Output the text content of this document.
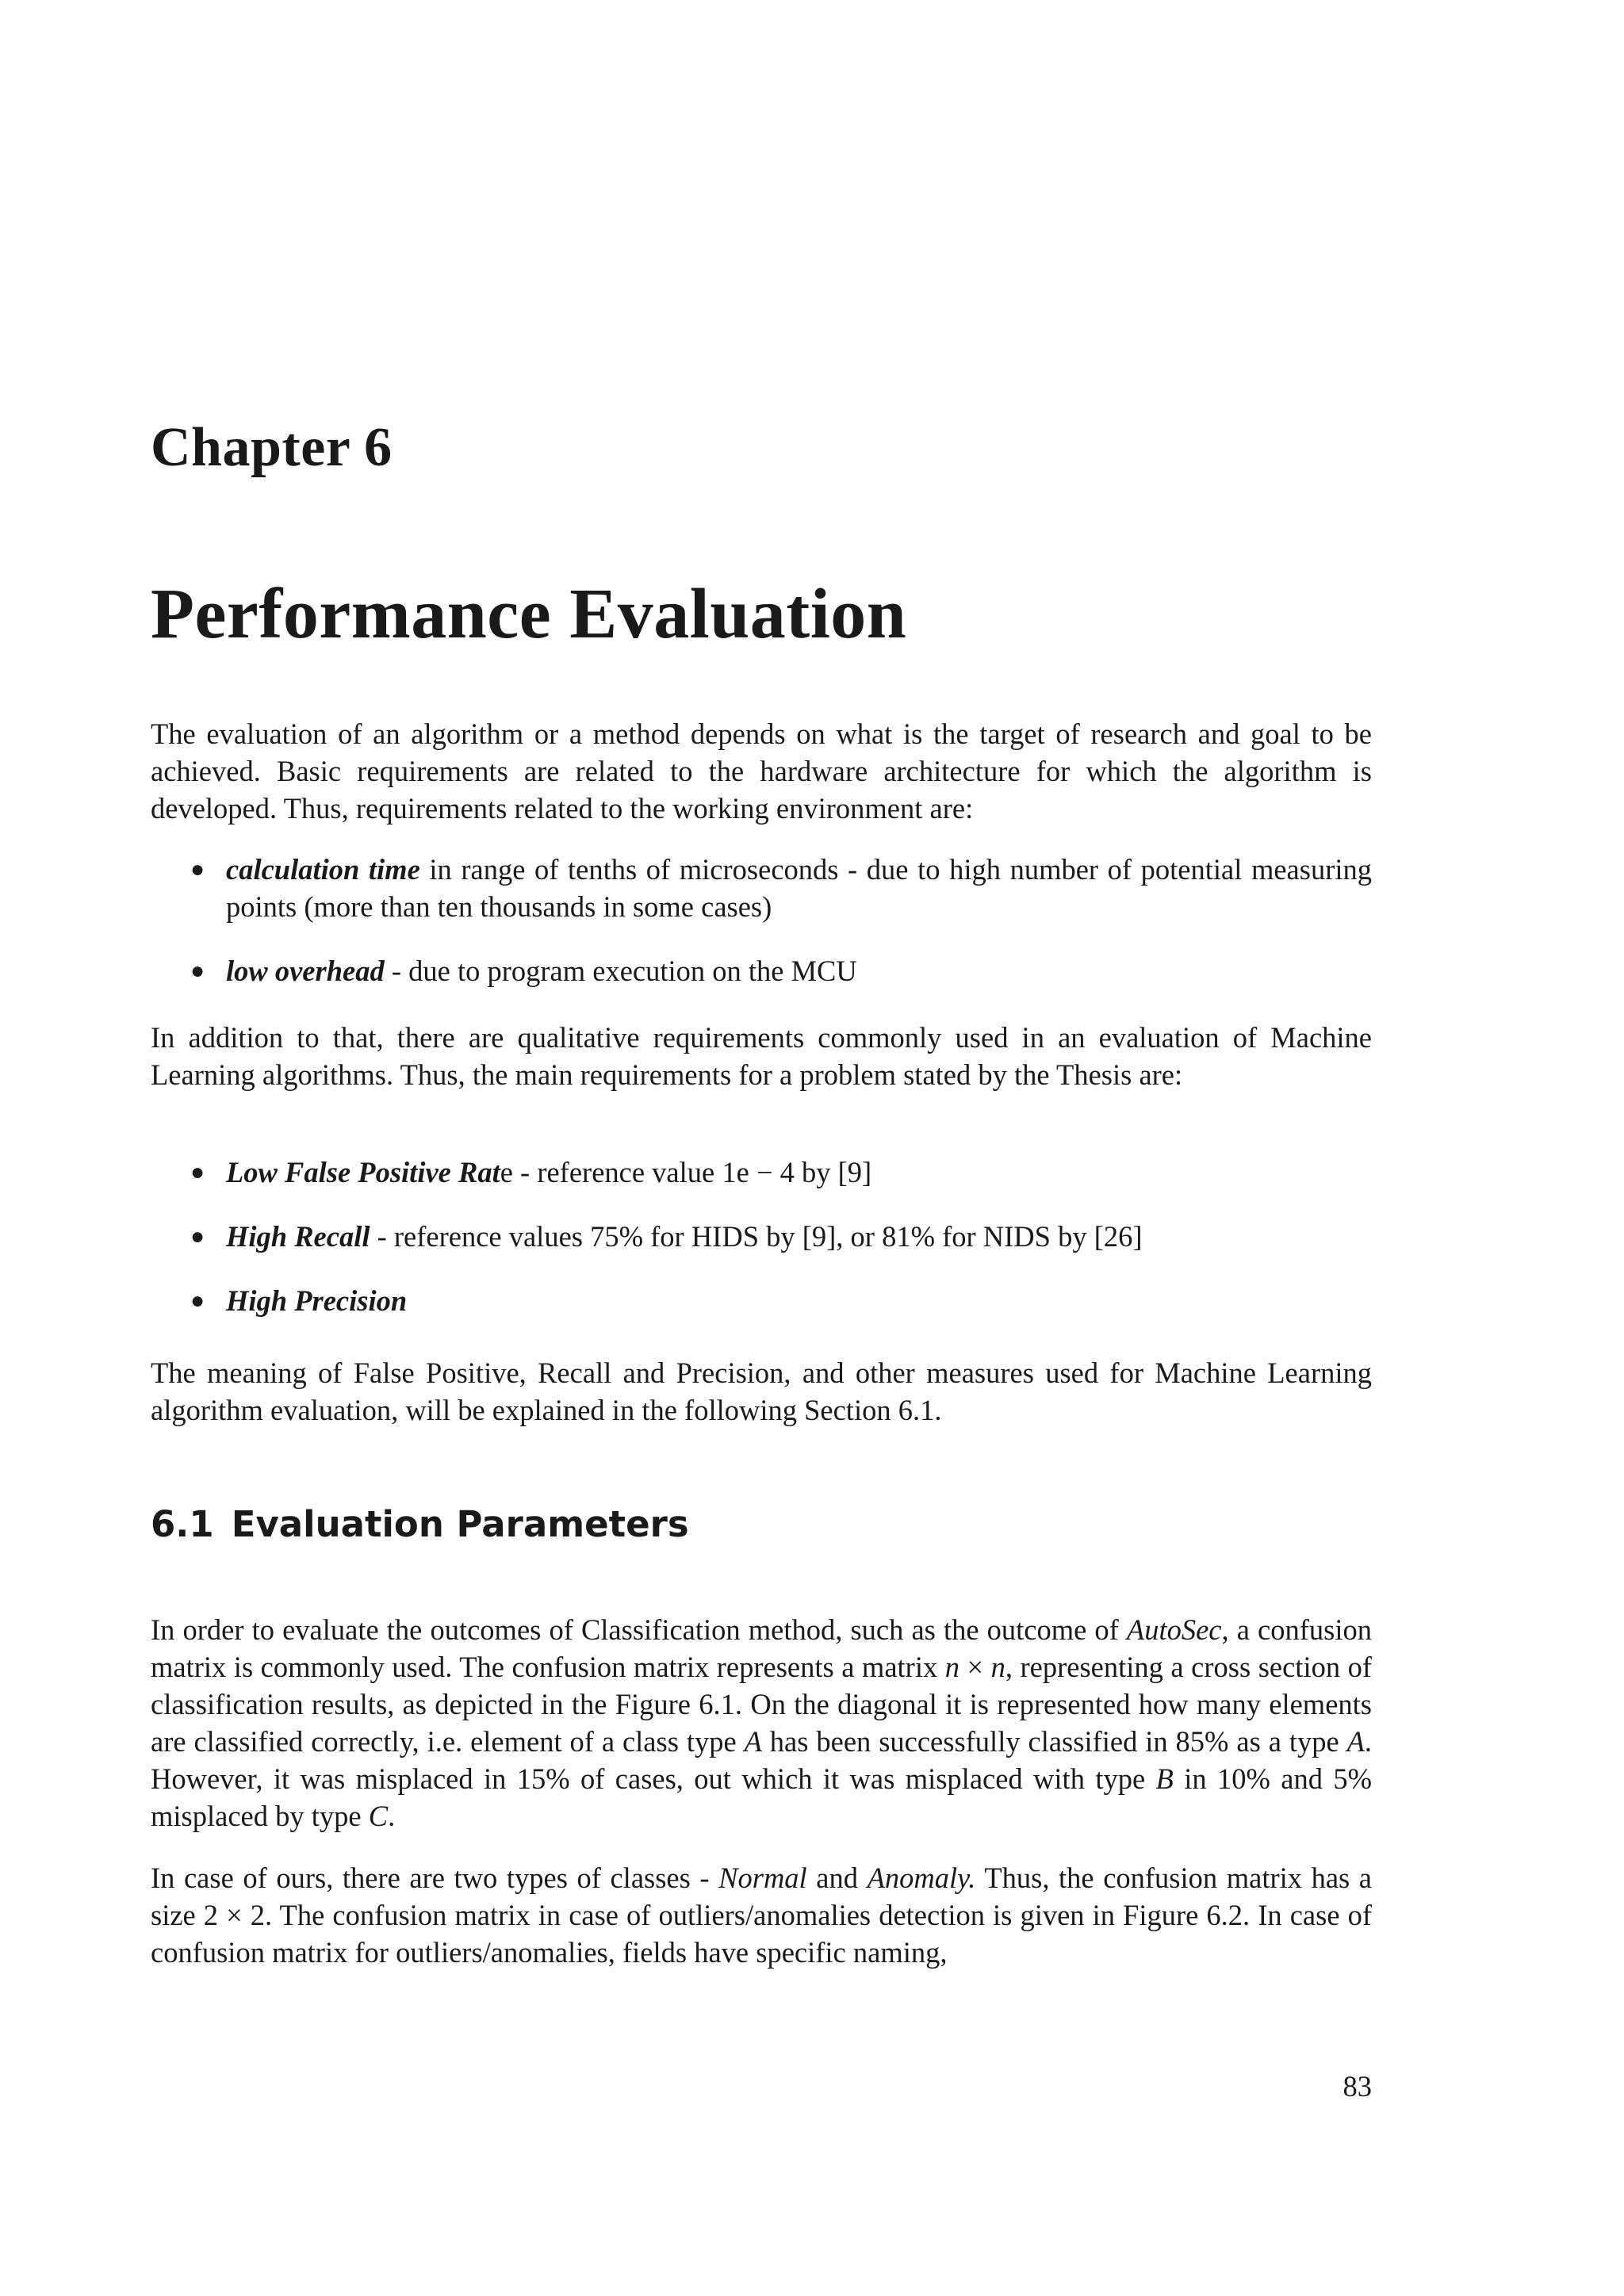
Chapter 6
Performance Evaluation

The evaluation of an algorithm or a method depends on what is the target of research and goal to be achieved. Basic requirements are related to the hardware architecture for which the algorithm is developed. Thus, requirements related to the working environment are:

● calculation time in range of tenths of microseconds - due to high number of potential measuring points (more than ten thousands in some cases)
● low overhead - due to program execution on the MCU

In addition to that, there are qualitative requirements commonly used in an evaluation of Machine Learning algorithms. Thus, the main requirements for a problem stated by the Thesis are:

● Low False Positive Rate - reference value 1e − 4 by [9]
● High Recall - reference values 75% for HIDS by [9], or 81% for NIDS by [26]
● High Precision

The meaning of False Positive, Recall and Precision, and other measures used for Machine Learning algorithm evaluation, will be explained in the following Section 6.1.

6.1 Evaluation Parameters

In order to evaluate the outcomes of Classification method, such as the outcome of AutoSec, a confusion matrix is commonly used. The confusion matrix represents a matrix n × n, representing a cross section of classification results, as depicted in the Figure 6.1. On the diagonal it is represented how many elements are classified correctly, i.e. element of a class type A has been successfully classified in 85% as a type A. However, it was misplaced in 15% of cases, out which it was misplaced with type B in 10% and 5% misplaced by type C.

In case of ours, there are two types of classes - Normal and Anomaly. Thus, the confusion matrix has a size 2 × 2. The confusion matrix in case of outliers/anomalies detection is given in Figure 6.2. In case of confusion matrix for outliers/anomalies, fields have specific naming,

83
